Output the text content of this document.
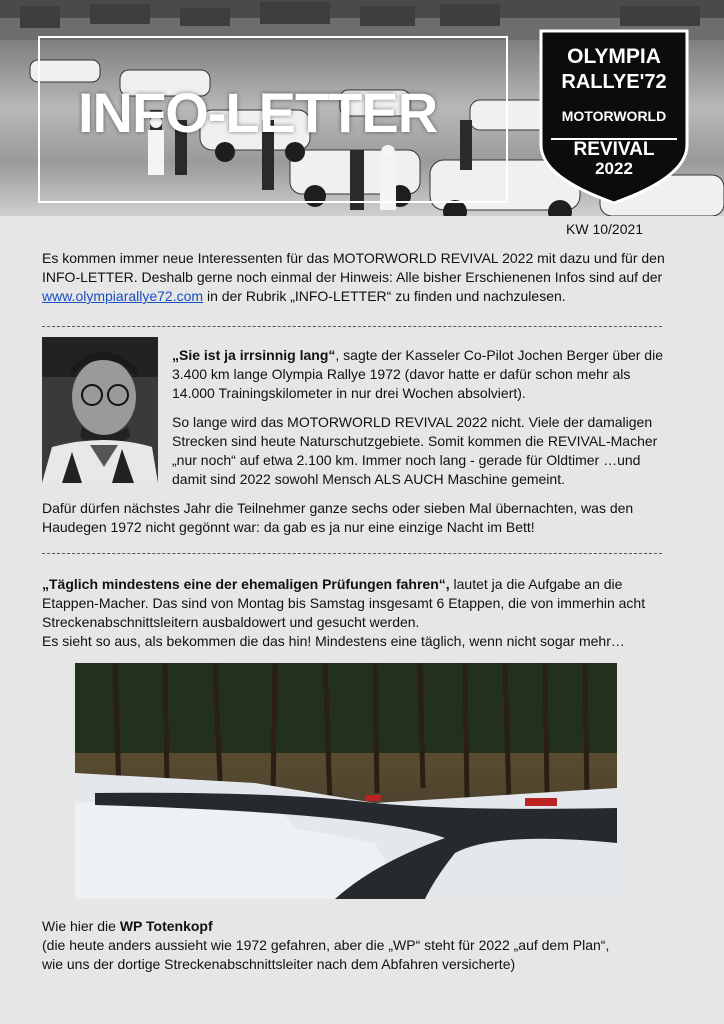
INFO-LETTER
OLYMPIA
RALLYE'72
MOTORWORLD
REVIVAL
2022
KW 10/2021

Es kommen immer neue Interessenten für das MOTORWORLD REVIVAL 2022 mit dazu und für den INFO-LETTER. Deshalb gerne noch einmal der Hinweis: Alle bisher Erschienenen Infos sind auf der www.olympiarallye72.com in der Rubrik „INFO-LETTER“ zu finden und nachzulesen.

„Sie ist ja irrsinnig lang“, sagte der Kasseler Co-Pilot Jochen Berger über die 3.400 km lange Olympia Rallye 1972 (davor hatte er dafür schon mehr als 14.000 Trainingskilometer in nur drei Wochen absolviert).

So lange wird das MOTORWORLD REVIVAL 2022 nicht. Viele der damaligen Strecken sind heute Naturschutzgebiete. Somit kommen die REVIVAL-Macher „nur noch“ auf etwa 2.100 km. Immer noch lang - gerade für Oldtimer …und damit sind 2022 sowohl Mensch ALS AUCH Maschine gemeint.

Dafür dürfen nächstes Jahr die Teilnehmer ganze sechs oder sieben Mal übernachten, was den Haudegen 1972 nicht gegönnt war: da gab es ja nur eine einzige Nacht im Bett!

„Täglich mindestens eine der ehemaligen Prüfungen fahren“, lautet ja die Aufgabe an die Etappen-Macher. Das sind von Montag bis Samstag insgesamt 6 Etappen, die von immerhin acht Streckenabschnittsleitern ausbaldowert und gesucht werden.

Es sieht so aus, als bekommen die das hin! Mindestens eine täglich, wenn nicht sogar mehr…

Wie hier die WP Totenkopf

(die heute anders aussieht wie 1972 gefahren, aber die „WP“ steht für 2022 „auf dem Plan“,

wie uns der dortige Streckenabschnittsleiter nach dem Abfahren versicherte)
